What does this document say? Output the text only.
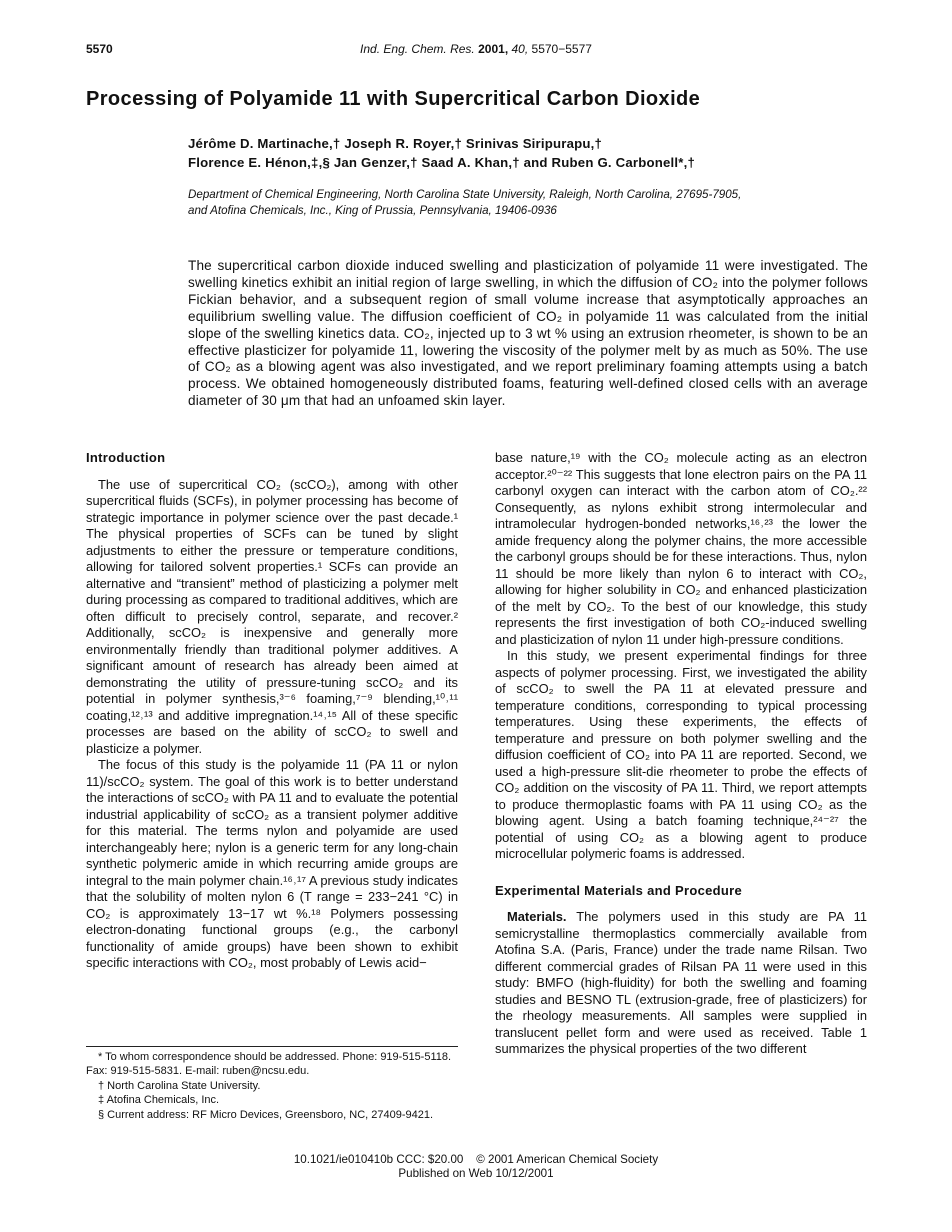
5570	Ind. Eng. Chem. Res. 2001, 40, 5570−5577
Processing of Polyamide 11 with Supercritical Carbon Dioxide
Jérôme D. Martinache,† Joseph R. Royer,† Srinivas Siripurapu,†
Florence E. Hénon,‡,§ Jan Genzer,† Saad A. Khan,† and Ruben G. Carbonell*,†
Department of Chemical Engineering, North Carolina State University, Raleigh, North Carolina, 27695-7905,
and Atofina Chemicals, Inc., King of Prussia, Pennsylvania, 19406-0936

The supercritical carbon dioxide induced swelling and plasticization of polyamide 11 were investigated. The swelling kinetics exhibit an initial region of large swelling, in which the diffusion of CO₂ into the polymer follows Fickian behavior, and a subsequent region of small volume increase that asymptotically approaches an equilibrium swelling value. The diffusion coefficient of CO₂ in polyamide 11 was calculated from the initial slope of the swelling kinetics data. CO₂, injected up to 3 wt % using an extrusion rheometer, is shown to be an effective plasticizer for polyamide 11, lowering the viscosity of the polymer melt by as much as 50%. The use of CO₂ as a blowing agent was also investigated, and we report preliminary foaming attempts using a batch process. We obtained homogeneously distributed foams, featuring well-defined closed cells with an average diameter of 30 μm that had an unfoamed skin layer.

Introduction

The use of supercritical CO₂ (scCO₂), among with other supercritical fluids (SCFs), in polymer processing has become of strategic importance in polymer science over the past decade.¹ The physical properties of SCFs can be tuned by slight adjustments to either the pressure or temperature conditions, allowing for tailored solvent properties.¹ SCFs can provide an alternative and “transient” method of plasticizing a polymer melt during processing as compared to traditional additives, which are often difficult to precisely control, separate, and recover.² Additionally, scCO₂ is inexpensive and generally more environmentally friendly than traditional polymer additives. A significant amount of research has already been aimed at demonstrating the utility of pressure-tuning scCO₂ and its potential in polymer synthesis,³⁻⁶ foaming,⁷⁻⁹ blending,¹⁰˒¹¹ coating,¹²˒¹³ and additive impregnation.¹⁴˒¹⁵ All of these specific processes are based on the ability of scCO₂ to swell and plasticize a polymer.

The focus of this study is the polyamide 11 (PA 11 or nylon 11)/scCO₂ system. The goal of this work is to better understand the interactions of scCO₂ with PA 11 and to evaluate the potential industrial applicability of scCO₂ as a transient polymer additive for this material. The terms nylon and polyamide are used interchangeably here; nylon is a generic term for any long-chain synthetic polymeric amide in which recurring amide groups are integral to the main polymer chain.¹⁶˒¹⁷ A previous study indicates that the solubility of molten nylon 6 (T range = 233−241 °C) in CO₂ is approximately 13−17 wt %.¹⁸ Polymers possessing electron-donating functional groups (e.g., the carbonyl functionality of amide groups) have been shown to exhibit specific interactions with CO₂, most probably of Lewis acid−

base nature,¹⁹ with the CO₂ molecule acting as an electron acceptor.²⁰⁻²² This suggests that lone electron pairs on the PA 11 carbonyl oxygen can interact with the carbon atom of CO₂.²² Consequently, as nylons exhibit strong intermolecular and intramolecular hydrogen-bonded networks,¹⁶˒²³ the lower the amide frequency along the polymer chains, the more accessible the carbonyl groups should be for these interactions. Thus, nylon 11 should be more likely than nylon 6 to interact with CO₂, allowing for higher solubility in CO₂ and enhanced plasticization of the melt by CO₂. To the best of our knowledge, this study represents the first investigation of both CO₂-induced swelling and plasticization of nylon 11 under high-pressure conditions.

In this study, we present experimental findings for three aspects of polymer processing. First, we investigated the ability of scCO₂ to swell the PA 11 at elevated pressure and temperature conditions, corresponding to typical processing temperatures. Using these experiments, the effects of temperature and pressure on both polymer swelling and the diffusion coefficient of CO₂ into PA 11 are reported. Second, we used a high-pressure slit-die rheometer to probe the effects of CO₂ addition on the viscosity of PA 11. Third, we report attempts to produce thermoplastic foams with PA 11 using CO₂ as the blowing agent. Using a batch foaming technique,²⁴⁻²⁷ the potential of using CO₂ as a blowing agent to produce microcellular polymeric foams is addressed.

Experimental Materials and Procedure

Materials. The polymers used in this study are PA 11 semicrystalline thermoplastics commercially available from Atofina S.A. (Paris, France) under the trade name Rilsan. Two different commercial grades of Rilsan PA 11 were used in this study: BMFO (high-fluidity) for both the swelling and foaming studies and BESNO TL (extrusion-grade, free of plasticizers) for the rheology measurements. All samples were supplied in translucent pellet form and were used as received. Table 1 summarizes the physical properties of the two different

* To whom correspondence should be addressed. Phone: 919-515-5118. Fax: 919-515-5831. E-mail: ruben@ncsu.edu.

† North Carolina State University.

‡ Atofina Chemicals, Inc.

§ Current address: RF Micro Devices, Greensboro, NC, 27409-9421.

10.1021/ie010410b CCC: $20.00    © 2001 American Chemical Society
Published on Web 10/12/2001
